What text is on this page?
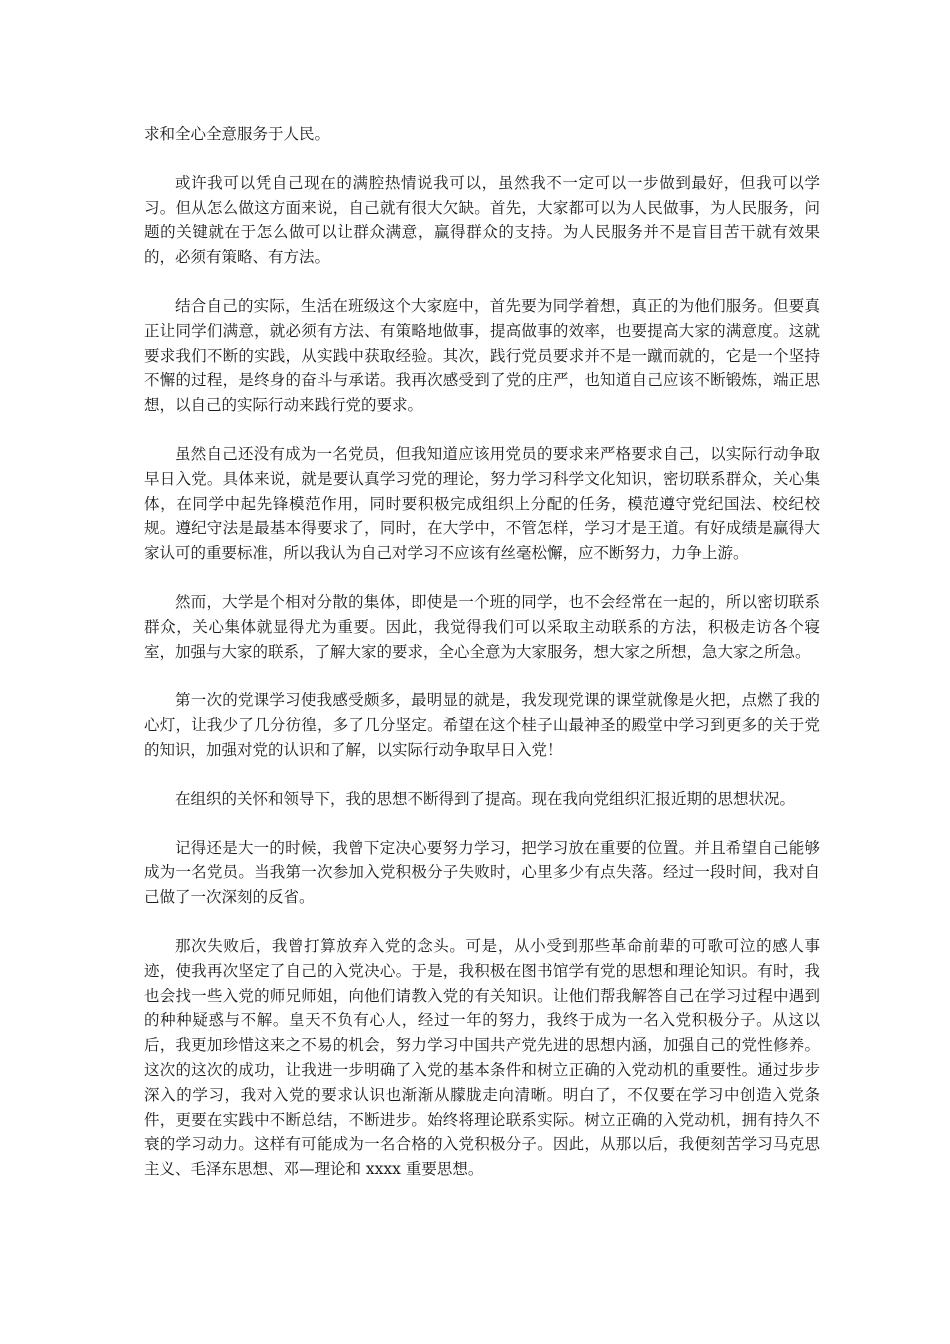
求和全心全意服务于人民。

或许我可以凭自己现在的满腔热情说我可以，虽然我不一定可以一步做到最好，但我可以学习。但从怎么做这方面来说，自己就有很大欠缺。首先，大家都可以为人民做事，为人民服务，问题的关键就在于怎么做可以让群众满意，赢得群众的支持。为人民服务并不是盲目苦干就有效果的，必须有策略、有方法。

结合自己的实际，生活在班级这个大家庭中，首先要为同学着想，真正的为他们服务。但要真正让同学们满意，就必须有方法、有策略地做事，提高做事的效率，也要提高大家的满意度。这就要求我们不断的实践，从实践中获取经验。其次，践行党员要求并不是一蹴而就的，它是一个坚持不懈的过程，是终身的奋斗与承诺。我再次感受到了党的庄严，也知道自己应该不断锻炼，端正思想，以自己的实际行动来践行党的要求。

虽然自己还没有成为一名党员，但我知道应该用党员的要求来严格要求自己，以实际行动争取早日入党。具体来说，就是要认真学习党的理论，努力学习科学文化知识，密切联系群众，关心集体，在同学中起先锋模范作用，同时要积极完成组织上分配的任务，模范遵守党纪国法、校纪校规。遵纪守法是最基本得要求了，同时，在大学中，不管怎样，学习才是王道。有好成绩是赢得大家认可的重要标准，所以我认为自己对学习不应该有丝毫松懈，应不断努力，力争上游。

然而，大学是个相对分散的集体，即使是一个班的同学，也不会经常在一起的，所以密切联系群众，关心集体就显得尤为重要。因此，我觉得我们可以采取主动联系的方法，积极走访各个寝室，加强与大家的联系，了解大家的要求，全心全意为大家服务，想大家之所想，急大家之所急。

第一次的党课学习使我感受颇多，最明显的就是，我发现党课的课堂就像是火把，点燃了我的心灯，让我少了几分彷徨，多了几分坚定。希望在这个桂子山最神圣的殿堂中学习到更多的关于党的知识，加强对党的认识和了解，以实际行动争取早日入党！

在组织的关怀和领导下，我的思想不断得到了提高。现在我向党组织汇报近期的思想状况。

记得还是大一的时候，我曾下定决心要努力学习，把学习放在重要的位置。并且希望自己能够成为一名党员。当我第一次参加入党积极分子失败时，心里多少有点失落。经过一段时间，我对自己做了一次深刻的反省。

那次失败后，我曾打算放弃入党的念头。可是，从小受到那些革命前辈的可歌可泣的感人事迹，使我再次坚定了自己的入党决心。于是，我积极在图书馆学有党的思想和理论知识。有时，我也会找一些入党的师兄师姐，向他们请教入党的有关知识。让他们帮我解答自己在学习过程中遇到的种种疑惑与不解。皇天不负有心人，经过一年的努力，我终于成为一名入党积极分子。从这以后，我更加珍惜这来之不易的机会，努力学习中国共产党先进的思想内涵，加强自己的党性修养。这次的这次的成功，让我进一步明确了入党的基本条件和树立正确的入党动机的重要性。通过步步深入的学习，我对入党的要求认识也渐渐从朦胧走向清晰。明白了，不仅要在学习中创造入党条件，更要在实践中不断总结，不断进步。始终将理论联系实际。树立正确的入党动机，拥有持久不衰的学习动力。这样有可能成为一名合格的入党积极分子。因此，从那以后，我便刻苦学习马克思主义、毛泽东思想、邓—理论和 xxxx 重要思想。
